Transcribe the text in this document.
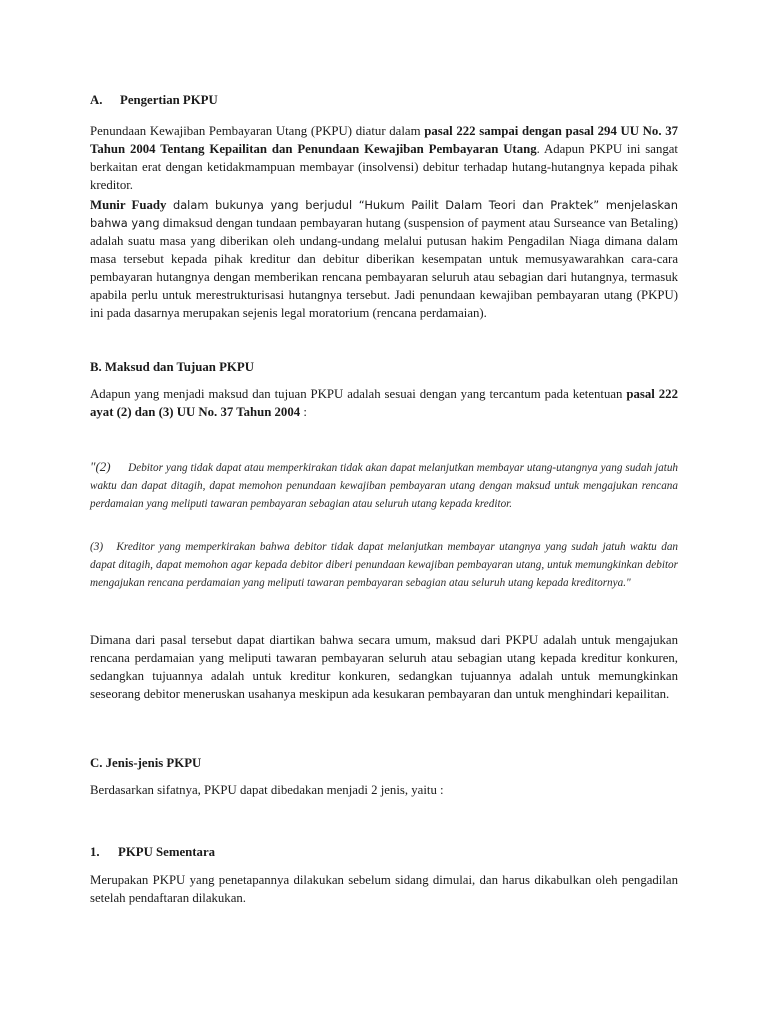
A. Pengertian PKPU
Penundaan Kewajiban Pembayaran Utang (PKPU) diatur dalam pasal 222 sampai dengan pasal 294 UU No. 37 Tahun 2004 Tentang Kepailitan dan Penundaan Kewajiban Pembayaran Utang. Adapun PKPU ini sangat berkaitan erat dengan ketidakmampuan membayar (insolvensi) debitur terhadap hutang-hutangnya kepada pihak kreditor.
Munir Fuady dalam bukunya yang berjudul “Hukum Pailit Dalam Teori dan Praktek” menjelaskan bahwa yang dimaksud dengan tundaan pembayaran hutang (suspension of payment atau Surseance van Betaling) adalah suatu masa yang diberikan oleh undang-undang melalui putusan hakim Pengadilan Niaga dimana dalam masa tersebut kepada pihak kreditur dan debitur diberikan kesempatan untuk memusyawarahkan cara-cara pembayaran hutangnya dengan memberikan rencana pembayaran seluruh atau sebagian dari hutangnya, termasuk apabila perlu untuk merestrukturisasi hutangnya tersebut. Jadi penundaan kewajiban pembayaran utang (PKPU) ini pada dasarnya merupakan sejenis legal moratorium (rencana perdamaian).
B. Maksud dan Tujuan PKPU
Adapun yang menjadi maksud dan tujuan PKPU adalah sesuai dengan yang tercantum pada ketentuan pasal 222 ayat (2) dan (3) UU No. 37 Tahun 2004 :
"(2) Debitor yang tidak dapat atau memperkirakan tidak akan dapat melanjutkan membayar utang-utangnya yang sudah jatuh waktu dan dapat ditagih, dapat memohon penundaan kewajiban pembayaran utang dengan maksud untuk mengajukan rencana perdamaian yang meliputi tawaran pembayaran sebagian atau seluruh utang kepada kreditor.
(3) Kreditor yang memperkirakan bahwa debitor tidak dapat melanjutkan membayar utangnya yang sudah jatuh waktu dan dapat ditagih, dapat memohon agar kepada debitor diberi penundaan kewajiban pembayaran utang, untuk memungkinkan debitor mengajukan rencana perdamaian yang meliputi tawaran pembayaran sebagian atau seluruh utang kepada kreditornya."
Dimana dari pasal tersebut dapat diartikan bahwa secara umum, maksud dari PKPU adalah untuk mengajukan rencana perdamaian yang meliputi tawaran pembayaran seluruh atau sebagian utang kepada kreditur konkuren, sedangkan tujuannya adalah untuk kreditur konkuren, sedangkan tujuannya adalah untuk memungkinkan seseorang debitor meneruskan usahanya meskipun ada kesukaran pembayaran dan untuk menghindari kepailitan.
C. Jenis-jenis PKPU
Berdasarkan sifatnya, PKPU dapat dibedakan menjadi 2 jenis, yaitu :
1. PKPU Sementara
Merupakan PKPU yang penetapannya dilakukan sebelum sidang dimulai, dan harus dikabulkan oleh pengadilan setelah pendaftaran dilakukan.
